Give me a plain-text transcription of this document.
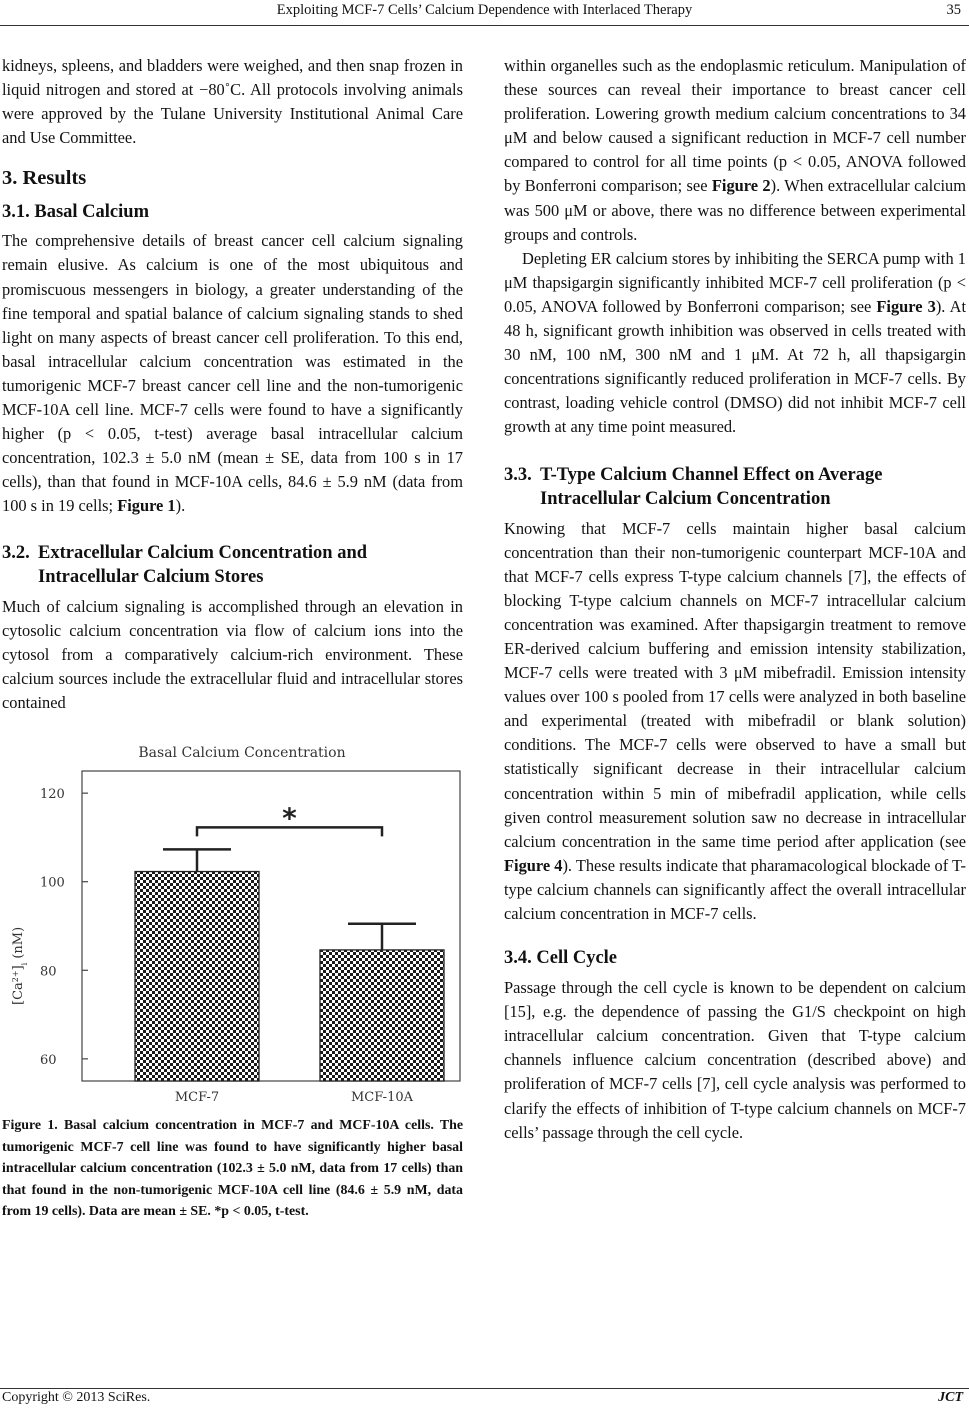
Exploiting MCF-7 Cells’ Calcium Dependence with Interlaced Therapy	35

kidneys, spleens, and bladders were weighed, and then snap frozen in liquid nitrogen and stored at −80˚C. All protocols involving animals were approved by the Tulane University Institutional Animal Care and Use Committee.

3. Results
3.1. Basal Calcium

The comprehensive details of breast cancer cell calcium signaling remain elusive. As calcium is one of the most ubiquitous and promiscuous messengers in biology, a greater understanding of the fine temporal and spatial balance of calcium signaling stands to shed light on many aspects of breast cancer cell proliferation. To this end, basal intracellular calcium concentration was estimated in the tumorigenic MCF-7 breast cancer cell line and the non-tumorigenic MCF-10A cell line. MCF-7 cells were found to have a significantly higher (p < 0.05, t-test) average basal intracellular calcium concentration, 102.3 ± 5.0 nM (mean ± SE, data from 100 s in 17 cells), than that found in MCF-10A cells, 84.6 ± 5.9 nM (data from 100 s in 19 cells; Figure 1).

3.2. Extracellular Calcium Concentration and Intracellular Calcium Stores

Much of calcium signaling is accomplished through an elevation in cytosolic calcium concentration via flow of calcium ions into the cytosol from a comparatively calcium-rich environment. These calcium sources include the extracellular fluid and intracellular stores contained

Basal Calcium Concentration
60
80
100
120
MCF-7	MCF-10A
*
$[Ca^{2+}]_i$ (nM)

Figure 1. Basal calcium concentration in MCF-7 and MCF-10A cells. The tumorigenic MCF-7 cell line was found to have significantly higher basal intracellular calcium concentration (102.3 ± 5.0 nM, data from 17 cells) than that found in the non-tumorigenic MCF-10A cell line (84.6 ± 5.9 nM, data from 19 cells). Data are mean ± SE. *p < 0.05, t-test.

within organelles such as the endoplasmic reticulum. Manipulation of these sources can reveal their importance to breast cancer cell proliferation. Lowering growth medium calcium concentrations to 34 μM and below caused a significant reduction in MCF-7 cell number compared to control for all time points (p < 0.05, ANOVA followed by Bonferroni comparison; see Figure 2). When extracellular calcium was 500 μM or above, there was no difference between experimental groups and controls.

Depleting ER calcium stores by inhibiting the SERCA pump with 1 μM thapsigargin significantly inhibited MCF-7 cell proliferation (p < 0.05, ANOVA followed by Bonferroni comparison; see Figure 3). At 48 h, significant growth inhibition was observed in cells treated with 30 nM, 100 nM, 300 nM and 1 μM. At 72 h, all thapsigargin concentrations significantly reduced proliferation in MCF-7 cells. By contrast, loading vehicle control (DMSO) did not inhibit MCF-7 cell growth at any time point measured.

3.3. T-Type Calcium Channel Effect on Average Intracellular Calcium Concentration

Knowing that MCF-7 cells maintain higher basal calcium concentration than their non-tumorigenic counterpart MCF-10A and that MCF-7 cells express T-type calcium channels [7], the effects of blocking T-type calcium channels on MCF-7 intracellular calcium concentration was examined. After thapsigargin treatment to remove ER-derived calcium buffering and emission intensity stabilization, MCF-7 cells were treated with 3 μM mibefradil. Emission intensity values over 100 s pooled from 17 cells were analyzed in both baseline and experimental (treated with mibefradil or blank solution) conditions. The MCF-7 cells were observed to have a small but statistically significant decrease in their intracellular calcium concentration within 5 min of mibefradil application, while cells given control measurement solution saw no decrease in intracellular calcium concentration in the same time period after application (see Figure 4). These results indicate that pharamacological blockade of T-type calcium channels can significantly affect the overall intracellular calcium concentration in MCF-7 cells.

3.4. Cell Cycle

Passage through the cell cycle is known to be dependent on calcium [15], e.g. the dependence of passing the G1/S checkpoint on high intracellular calcium concentration. Given that T-type calcium channels influence calcium concentration (described above) and proliferation of MCF-7 cells [7], cell cycle analysis was performed to clarify the effects of inhibition of T-type calcium channels on MCF-7 cells’ passage through the cell cycle.

Copyright © 2013 SciRes.	JCT
